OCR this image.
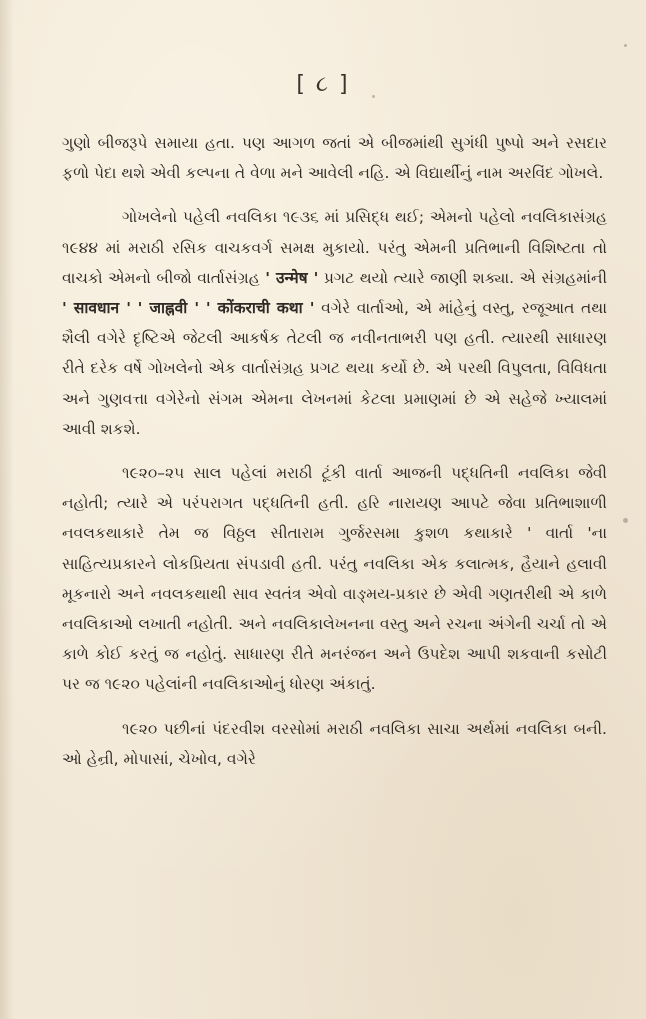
[ ૮ ]

ગુણો બીજરૂપે સમાયા હતા. પણ આગળ જતાં એ બીજમાંથી સુગંધી પુષ્પો અને રસદાર ફળો પેદા થશે એવી કલ્પના તે વેળા મને આવેલી નહિ. એ વિદ્યાર્થીનું નામ અરવિંદ ગોખલે.

ગોખલેનો પહેલી નવલિકા ૧૯૩૬ માં પ્રસિદ્ધ થઈ; એમનો પહેલો નવલિકાસંગ્રહ ૧૯૪૪ માં મરાઠી રસિક વાચકવર્ગ સમક્ષ મુકાયો. પરંતુ એમની પ્રતિભાની વિશિષ્ટતા તો વાચકો એમનો બીજો વાર્તાસંગ્રહ ' उन्मेष ' પ્રગટ થયો ત્યારે જાણી શક્યા. એ સંગ્રહમાંની ' सावधान ' ' जाह्नवी ' ' कोंकराची कथा ' વગેરે વાર્તાઓ, એ માંહેનું વસ્તુ, રજૂઆત તથા શૈલી વગેરે દૃષ્ટિએ જેટલી આકર્ષક તેટલી જ નવીનતાભરી પણ હતી. ત્યારથી સાધારણ રીતે દરેક વર્ષે ગોખલેનો એક વાર્તાસંગ્રહ પ્રગટ થયા કર્યો છે. એ પરથી વિપુલતા, વિવિધતા અને ગુણવત્તા વગેરેનો સંગમ એમના લેખનમાં કેટલા પ્રમાણમાં છે એ સહેજે ખ્યાલમાં આવી શકશે.

૧૯૨૦–૨૫ સાલ પહેલાં મરાઠી ટૂંકી વાર્તા આજની પદ્ધતિની નવલિકા જેવી નહોતી; ત્યારે એ પરંપરાગત પદ્ધતિની હતી. હરિ નારાયણ આપટે જેવા પ્રતિભાશાળી નવલકથાકારે તેમ જ વિઠ્ઠલ સીતારામ ગુર્જરસમા કુશળ કથાકારે ' વાર્તા 'ના સાહિત્યપ્રકારને લોકપ્રિયતા સંપડાવી હતી. પરંતુ નવલિકા એક કલાત્મક, હૈયાને હલાવી મૂકનારો અને નવલકથાથી સાવ સ્વતંત્ર એવો વાઙ્મય-પ્રકાર છે એવી ગણતરીથી એ કાળે નવલિકાઓ લખાતી નહોતી. અને નવલિકાલેખનના વસ્તુ અને રચના અંગેની ચર્ચા તો એ કાળે કોઈ કરતું જ નહોતું. સાધારણ રીતે મનરંજન અને ઉપદેશ આપી શકવાની કસોટી પર જ ૧૯૨૦ પહેલાંની નવલિકાઓનું ધોરણ અંકાતું.

૧૯૨૦ પછીનાં પંદરવીશ વરસોમાં મરાઠી નવલિકા સાચા અર્થમાં નવલિકા બની. ઓ હેન્રી, મોપાસાં, ચેખોવ, વગેરે
